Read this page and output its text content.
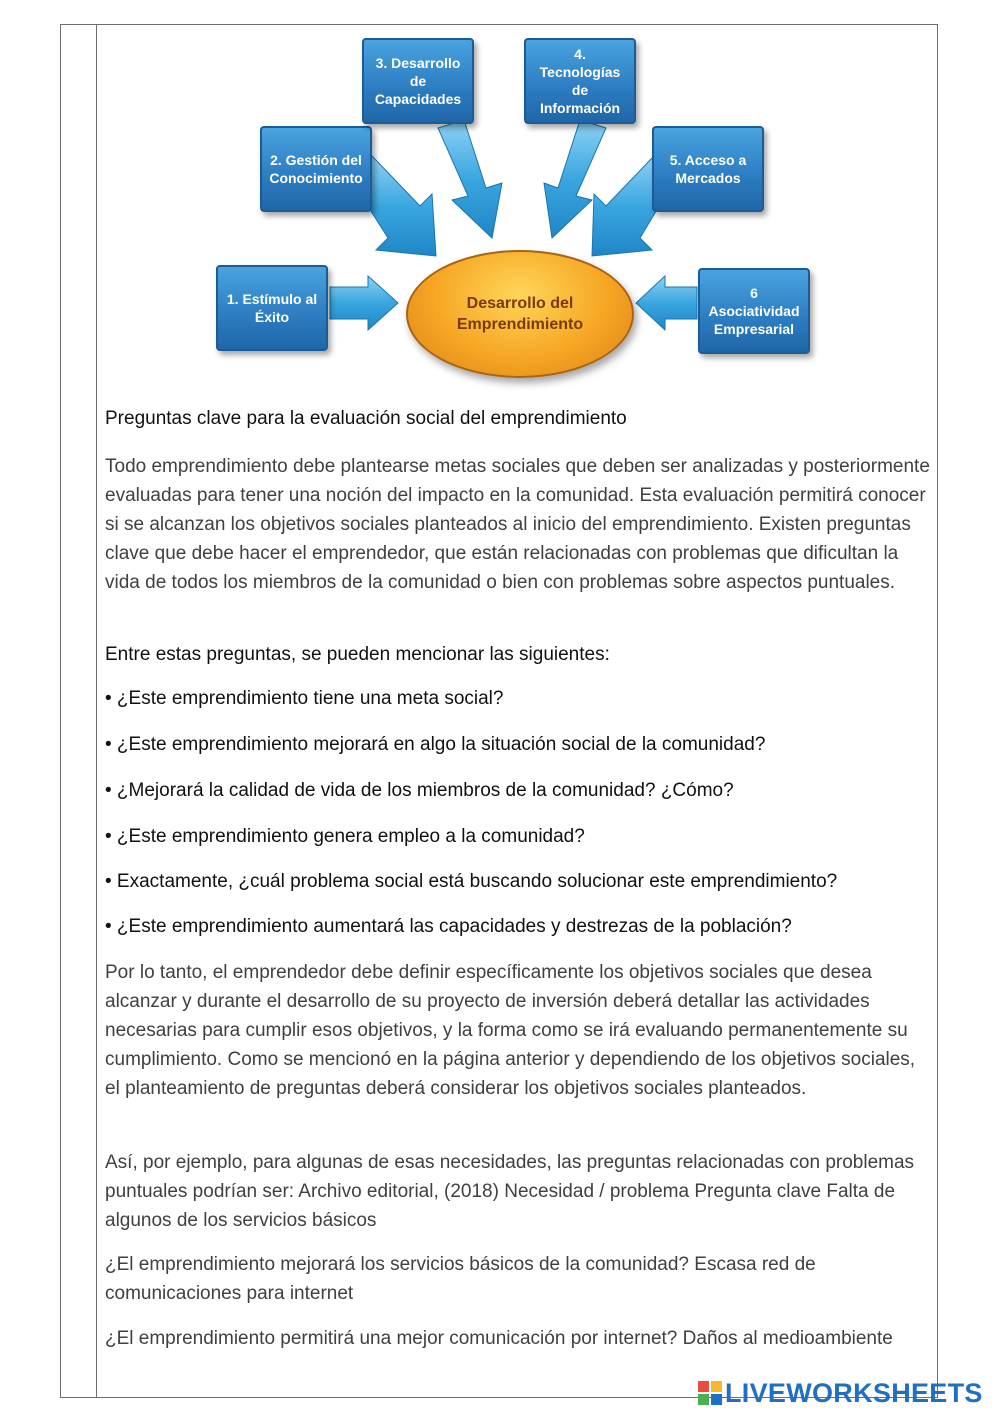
1. Estímulo al
Éxito
2. Gestión del
Conocimiento
3. Desarrollo de
Capacidades
4. Tecnologías
de Información
5. Acceso a
Mercados
6
Asociatividad
Empresarial
Desarrollo del
Emprendimiento
Preguntas clave para la evaluación social del emprendimiento
Todo emprendimiento debe plantearse metas sociales que deben ser analizadas y posteriormente evaluadas para tener una noción del impacto en la comunidad. Esta evaluación permitirá conocer si se alcanzan los objetivos sociales planteados al inicio del emprendimiento. Existen preguntas clave que debe hacer el emprendedor, que están relacionadas con problemas que dificultan la vida de todos los miembros de la comunidad o bien con problemas sobre aspectos puntuales.
Entre estas preguntas, se pueden mencionar las siguientes:
• ¿Este emprendimiento tiene una meta social?
• ¿Este emprendimiento mejorará en algo la situación social de la comunidad?
• ¿Mejorará la calidad de vida de los miembros de la comunidad? ¿Cómo?
• ¿Este emprendimiento genera empleo a la comunidad?
• Exactamente, ¿cuál problema social está buscando solucionar este emprendimiento?
• ¿Este emprendimiento aumentará las capacidades y destrezas de la población?
Por lo tanto, el emprendedor debe definir específicamente los objetivos sociales que desea alcanzar y durante el desarrollo de su proyecto de inversión deberá detallar las actividades necesarias para cumplir esos objetivos, y la forma como se irá evaluando permanentemente su cumplimiento. Como se mencionó en la página anterior y dependiendo de los objetivos sociales, el planteamiento de preguntas deberá considerar los objetivos sociales planteados.
Así, por ejemplo, para algunas de esas necesidades, las preguntas relacionadas con problemas puntuales podrían ser: Archivo editorial, (2018) Necesidad / problema Pregunta clave Falta de algunos de los servicios básicos
¿El emprendimiento mejorará los servicios básicos de la comunidad? Escasa red de comunicaciones para internet
¿El emprendimiento permitirá una mejor comunicación por internet? Daños al medioambiente
LIVEWORKSHEETS
